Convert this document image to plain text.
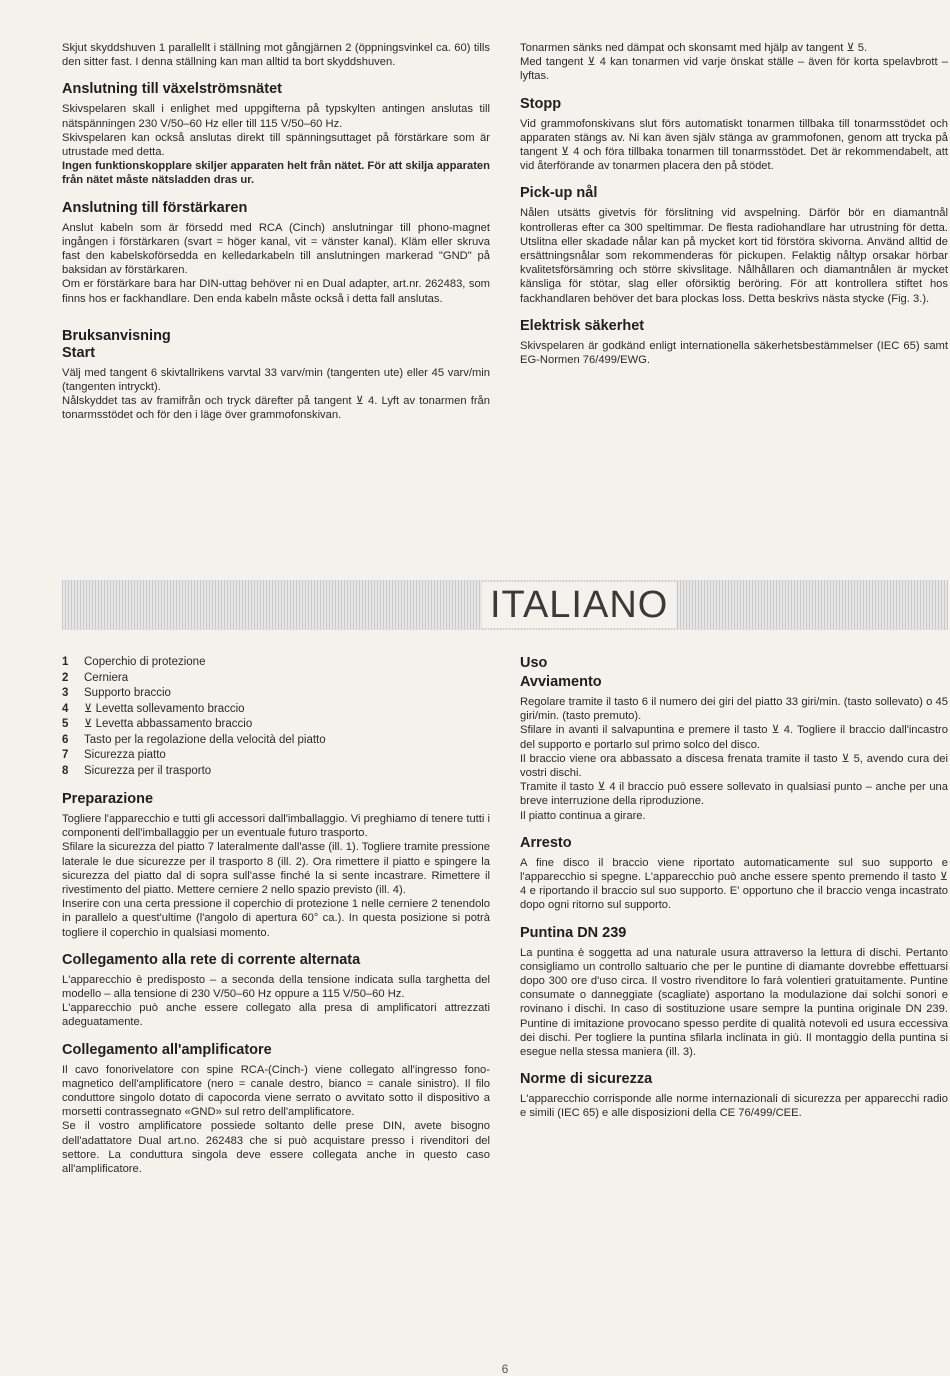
Skjut skyddshuven 1 parallellt i ställning mot gångjärnen 2 (öppningsvinkel ca. 60) tills den sitter fast. I denna ställning kan man alltid ta bort skyddshuven.

Anslutning till växelströmsnätet

Skivspelaren skall i enlighet med uppgifterna på typskylten antingen anslutas till nätspänningen 230 V/50–60 Hz eller till 115 V/50–60 Hz.

Skivspelaren kan också anslutas direkt till spänningsuttaget på förstärkare som är utrustade med detta.

Ingen funktionskopplare skiljer apparaten helt från nätet. För att skilja apparaten från nätet måste nätsladden dras ur.

Anslutning till förstärkaren

Anslut kabeln som är försedd med RCA (Cinch) anslutningar till phono-magnet ingången i förstärkaren (svart = höger kanal, vit = vänster kanal). Kläm eller skruva fast den kabelskoförsedda en kelledarkabeln till anslutningen markerad "GND" på baksidan av förstärkaren.

Om er förstärkare bara har DIN-uttag behöver ni en Dual adapter, art.nr. 262483, som finns hos er fackhandlare. Den enda kabeln måste också i detta fall anslutas.

Bruksanvisning
Start

Välj med tangent 6 skivtallrikens varvtal 33 varv/min (tangenten ute) eller 45 varv/min (tangenten intryckt).

Nålskyddet tas av framifrån och tryck därefter på tangent ⊻ 4. Lyft av tonarmen från tonarmsstödet och för den i läge över grammofonskivan.

Tonarmen sänks ned dämpat och skonsamt med hjälp av tangent ⊻ 5.

Med tangent ⊻ 4 kan tonarmen vid varje önskat ställe – även för korta spelavbrott – lyftas.

Stopp

Vid grammofonskivans slut förs automatiskt tonarmen tillbaka till tonarmsstödet och apparaten stängs av. Ni kan även själv stänga av grammofonen, genom att trycka på tangent ⊻ 4 och föra tillbaka tonarmen till tonarmsstödet. Det är rekommendabelt, att vid återförande av tonarmen placera den på stödet.

Pick-up nål

Nålen utsätts givetvis för förslitning vid avspelning. Därför bör en diamantnål kontrolleras efter ca 300 speltimmar. De flesta radiohandlare har utrustning för detta. Utslitna eller skadade nålar kan på mycket kort tid förstöra skivorna. Använd alltid de ersättningsnålar som rekommenderas för pickupen. Felaktig nåltyp orsakar hörbar kvalitetsförsämring och större skivslitage. Nålhållaren och diamantnålen är mycket känsliga för stötar, slag eller oförsiktig beröring. För att kontrollera stiftet hos fackhandlaren behöver det bara plockas loss. Detta beskrivs nästa stycke (Fig. 3.).

Elektrisk säkerhet

Skivspelaren är godkänd enligt internationella säkerhetsbestämmelser (IEC 65) samt EG-Normen 76/499/EWG.

ITALIANO
1	Coperchio di protezione
2	Cerniera
3	Supporto braccio
4	⊻ Levetta sollevamento braccio
5	⊻ Levetta abbassamento braccio
6	Tasto per la regolazione della velocità del piatto
7	Sicurezza piatto
8	Sicurezza per il trasporto
Preparazione

Togliere l'apparecchio e tutti gli accessori dall'imballaggio. Vi preghiamo di tenere tutti i componenti dell'imballaggio per un eventuale futuro trasporto.

Sfilare la sicurezza del piatto 7 lateralmente dall'asse (ill. 1). Togliere tramite pressione laterale le due sicurezze per il trasporto 8 (ill. 2). Ora rimettere il piatto e spingere la sicurezza del piatto dal di sopra sull'asse finché la si sente incastrare. Rimettere il rivestimento del piatto. Mettere cerniere 2 nello spazio previsto (ill. 4).

Inserire con una certa pressione il coperchio di protezione 1 nelle cerniere 2 tenendolo in parallelo a quest'ultime (l'angolo di apertura 60° ca.). In questa posizione si potrà togliere il coperchio in qualsiasi momento.

Collegamento alla rete di corrente alternata

L'apparecchio è predisposto – a seconda della tensione indicata sulla targhetta del modello – alla tensione di 230 V/50–60 Hz oppure a 115 V/50–60 Hz.

L'apparecchio può anche essere collegato alla presa di amplificatori attrezzati adeguatamente.

Collegamento all'amplificatore

Il cavo fonorivelatore con spine RCA-(Cinch-) viene collegato all'ingresso fono-magnetico dell'amplificatore (nero = canale destro, bianco = canale sinistro). Il filo conduttore singolo dotato di capocorda viene serrato o avvitato sotto il dispositivo a morsetti contrassegnato «GND» sul retro dell'amplificatore.

Se il vostro amplificatore possiede soltanto delle prese DIN, avete bisogno dell'adattatore Dual art.no. 262483 che si può acquistare presso i rivenditori del settore. La conduttura singola deve essere collegata anche in questo caso all'amplificatore.

Uso
Avviamento

Regolare tramite il tasto 6 il numero dei giri del piatto 33 giri/min. (tasto sollevato) o 45 giri/min. (tasto premuto).

Sfilare in avanti il salvapuntina e premere il tasto ⊻ 4. Togliere il braccio dall'incastro del supporto e portarlo sul primo solco del disco.

Il braccio viene ora abbassato a discesa frenata tramite il tasto ⊻ 5, avendo cura dei vostri dischi.

Tramite il tasto ⊻ 4 il braccio può essere sollevato in qualsiasi punto – anche per una breve interruzione della riproduzione.

Il piatto continua a girare.

Arresto

A fine disco il braccio viene riportato automaticamente sul suo supporto e l'apparecchio si spegne. L'apparecchio può anche essere spento premendo il tasto ⊻ 4 e riportando il braccio sul suo supporto. E' opportuno che il braccio venga incastrato dopo ogni ritorno sul supporto.

Puntina DN 239

La puntina è soggetta ad una naturale usura attraverso la lettura di dischi. Pertanto consigliamo un controllo saltuario che per le puntine di diamante dovrebbe effettuarsi dopo 300 ore d'uso circa. Il vostro rivenditore lo farà volentieri gratuitamente. Puntine consumate o danneggiate (scagliate) asportano la modulazione dai solchi sonori e rovinano i dischi. In caso di sostituzione usare sempre la puntina originale DN 239. Puntine di imitazione provocano spesso perdite di qualità notevoli ed usura eccessiva dei dischi. Per togliere la puntina sfilarla inclinata in giù. Il montaggio della puntina si esegue nella stessa maniera (ill. 3).

Norme di sicurezza

L'apparecchio corrisponde alle norme internazionali di sicurezza per apparecchi radio e simili (IEC 65) e alle disposizioni della CE 76/499/CEE.

6
